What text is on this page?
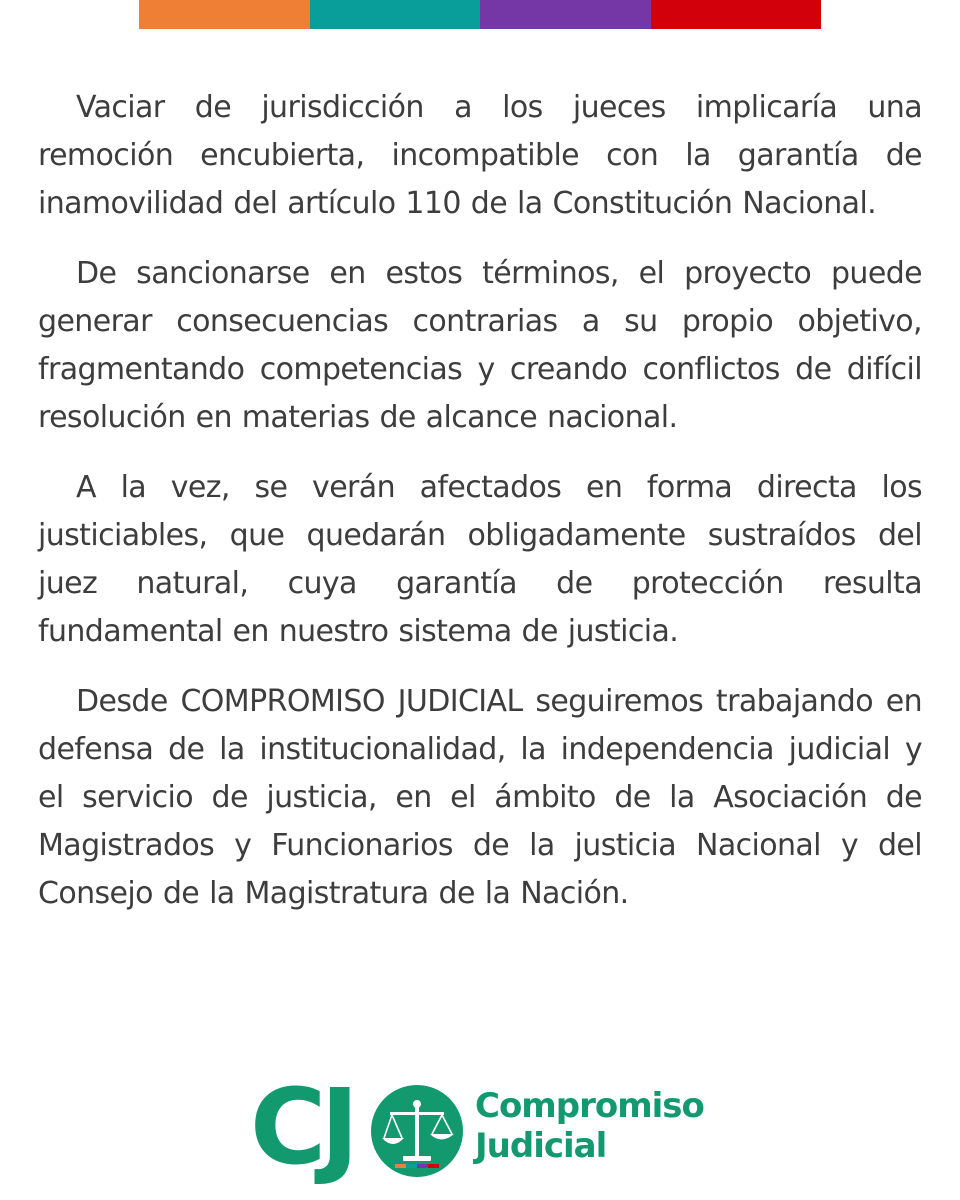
Vaciar de jurisdicción a los jueces implicaría una remoción encubierta, incompatible con la garantía de inamovilidad del artículo 110 de la Constitución Nacional.

De sancionarse en estos términos, el proyecto puede generar consecuencias contrarias a su propio objetivo, fragmentando competencias y creando conflictos de difícil resolución en materias de alcance nacional.

A la vez, se verán afectados en forma directa los justiciables, que quedarán obligadamente sustraídos del juez natural, cuya garantía de protección resulta fundamental en nuestro sistema de justicia.

Desde COMPROMISO JUDICIAL seguiremos trabajando en defensa de la institucionalidad, la independencia judicial y el servicio de justicia, en el ámbito de la Asociación de Magistrados y Funcionarios de la justicia Nacional y del Consejo de la Magistratura de la Nación.

CJ	Compromiso
Judicial
